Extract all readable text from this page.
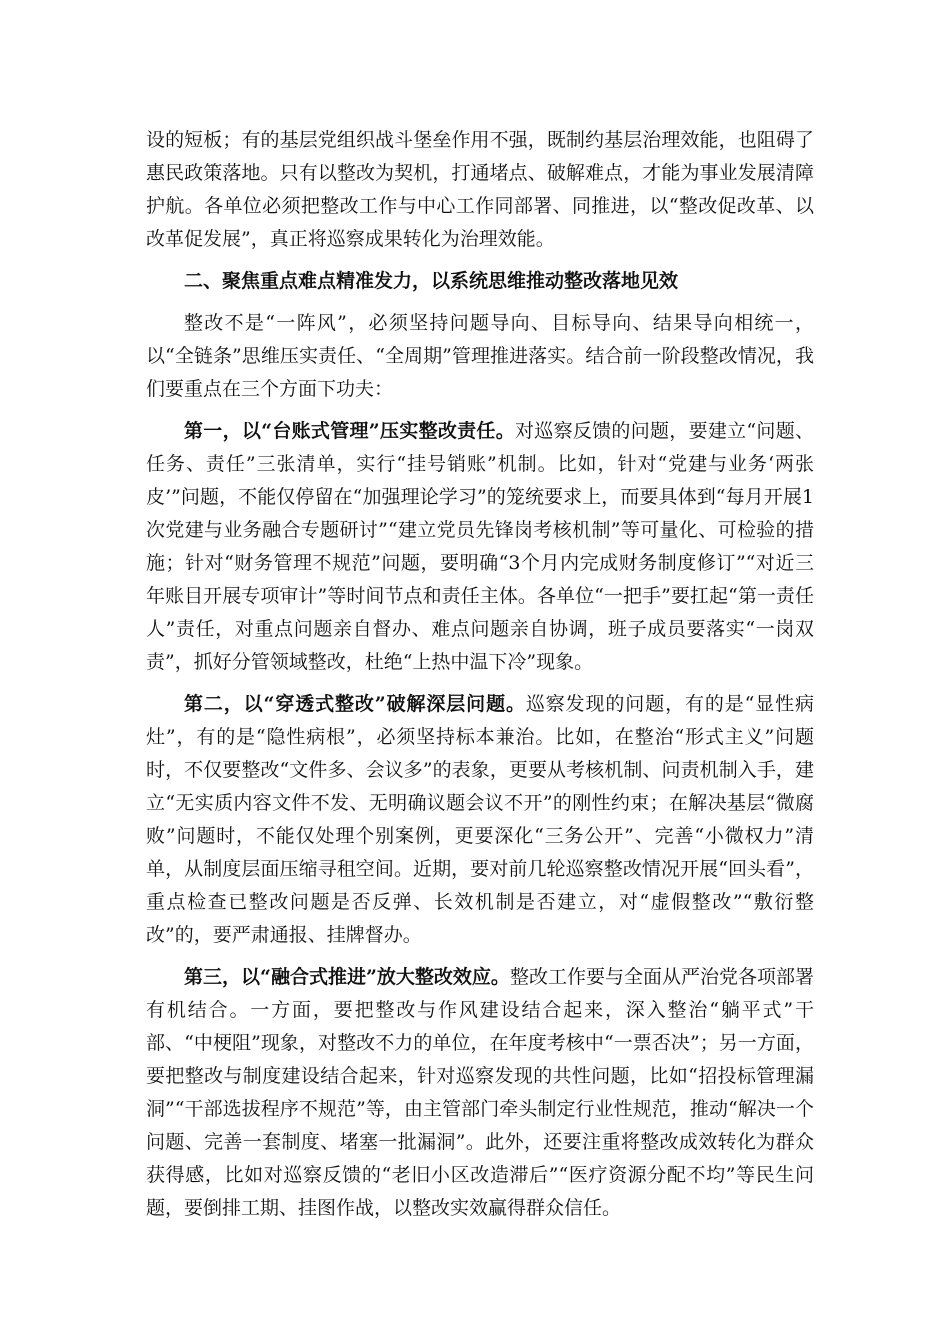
设的短板；有的基层党组织战斗堡垒作用不强，既制约基层治理效能，也阻碍了惠民政策落地。只有以整改为契机，打通堵点、破解难点，才能为事业发展清障护航。各单位必须把整改工作与中心工作同部署、同推进，以“整改促改革、以改革促发展”，真正将巡察成果转化为治理效能。

二、聚焦重点难点精准发力，以系统思维推动整改落地见效

整改不是“一阵风”，必须坚持问题导向、目标导向、结果导向相统一，以“全链条”思维压实责任、“全周期”管理推进落实。结合前一阶段整改情况，我们要重点在三个方面下功夫：

第一，以“台账式管理”压实整改责任。对巡察反馈的问题，要建立“问题、任务、责任”三张清单，实行“挂号销账”机制。比如，针对“党建与业务‘两张皮’”问题，不能仅停留在“加强理论学习”的笼统要求上，而要具体到“每月开展1次党建与业务融合专题研讨”“建立党员先锋岗考核机制”等可量化、可检验的措施；针对“财务管理不规范”问题，要明确“3个月内完成财务制度修订”“对近三年账目开展专项审计”等时间节点和责任主体。各单位“一把手”要扛起“第一责任人”责任，对重点问题亲自督办、难点问题亲自协调，班子成员要落实“一岗双责”，抓好分管领域整改，杜绝“上热中温下冷”现象。

第二，以“穿透式整改”破解深层问题。巡察发现的问题，有的是“显性病灶”，有的是“隐性病根”，必须坚持标本兼治。比如，在整治“形式主义”问题时，不仅要整改“文件多、会议多”的表象，更要从考核机制、问责机制入手，建立“无实质内容文件不发、无明确议题会议不开”的刚性约束；在解决基层“微腐败”问题时，不能仅处理个别案例，更要深化“三务公开”、完善“小微权力”清单，从制度层面压缩寻租空间。近期，要对前几轮巡察整改情况开展“回头看”，重点检查已整改问题是否反弹、长效机制是否建立，对“虚假整改”“敷衍整改”的，要严肃通报、挂牌督办。

第三，以“融合式推进”放大整改效应。整改工作要与全面从严治党各项部署有机结合。一方面，要把整改与作风建设结合起来，深入整治“躺平式”干部、“中梗阻”现象，对整改不力的单位，在年度考核中“一票否决”；另一方面，要把整改与制度建设结合起来，针对巡察发现的共性问题，比如“招投标管理漏洞”“干部选拔程序不规范”等，由主管部门牵头制定行业性规范，推动“解决一个问题、完善一套制度、堵塞一批漏洞”。此外，还要注重将整改成效转化为群众获得感，比如对巡察反馈的“老旧小区改造滞后”“医疗资源分配不均”等民生问题，要倒排工期、挂图作战，以整改实效赢得群众信任。
